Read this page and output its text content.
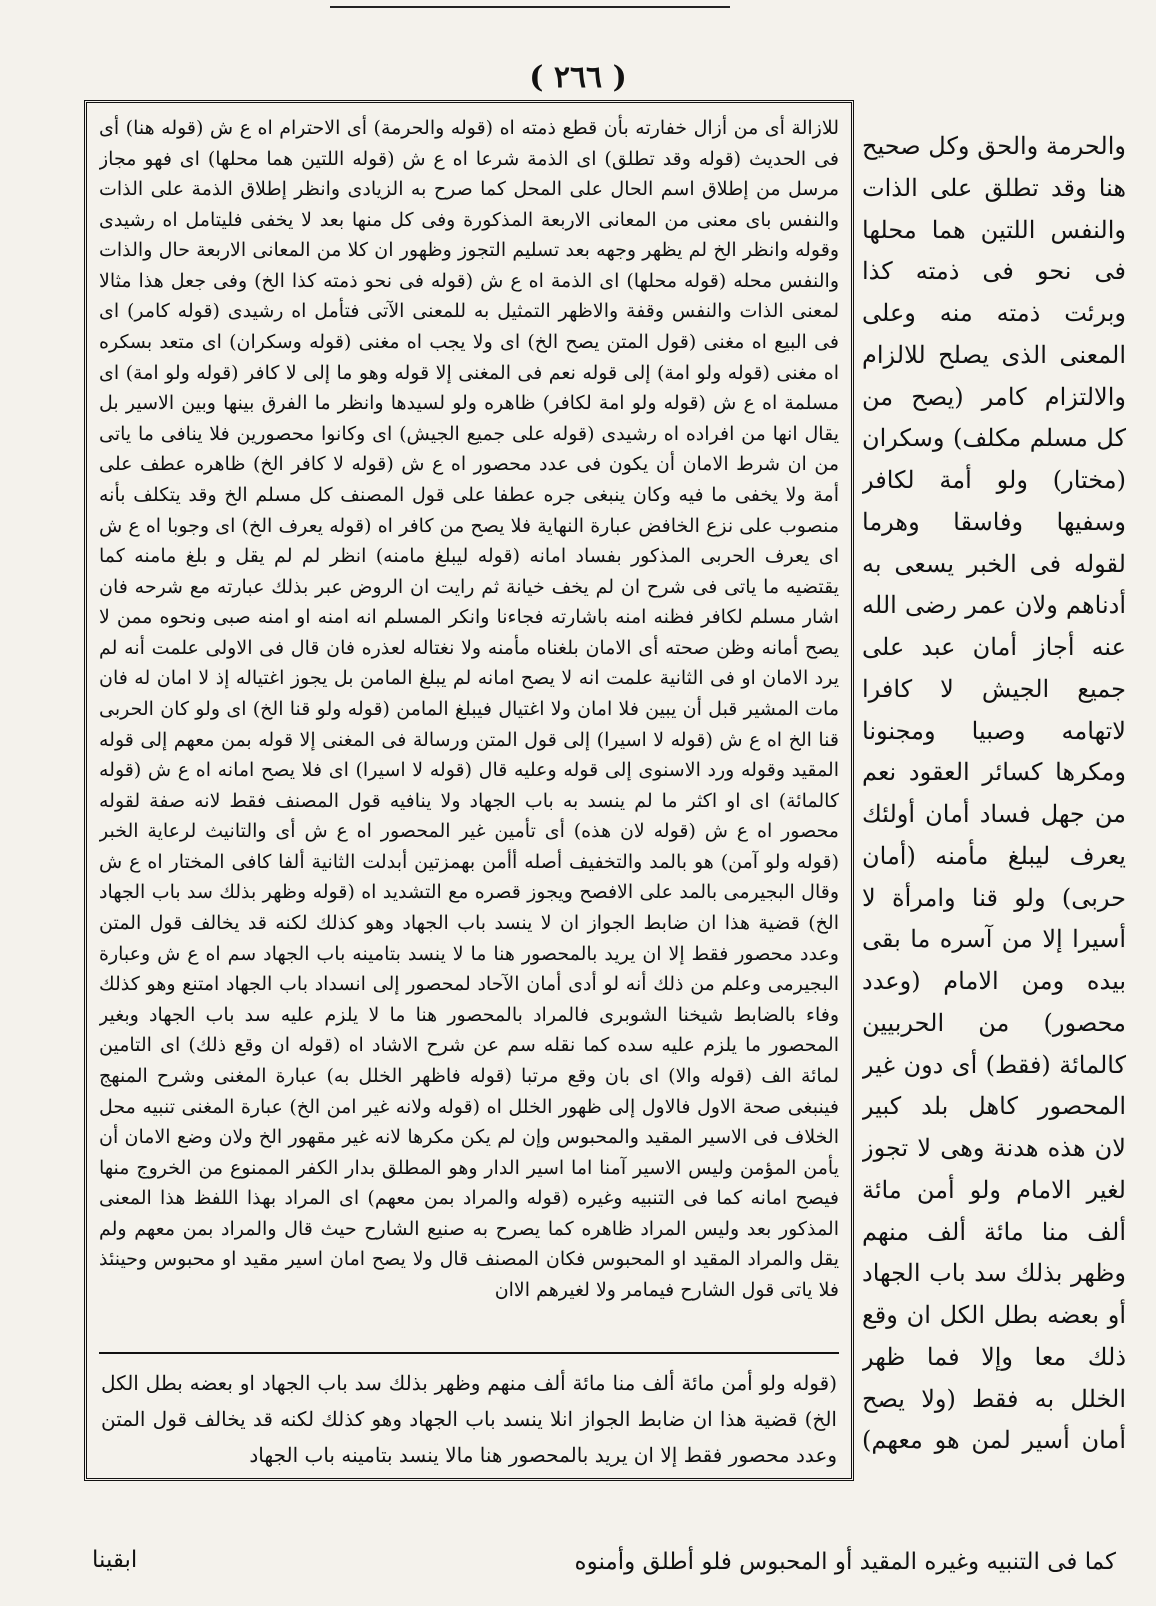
( ٢٦٦ )
للازالة أى من أزال خفارته بأن قطع ذمته اه (قوله والحرمة) أى الاحترام اه ع ش (قوله هنا) أى فى الحديث (قوله وقد تطلق) اى الذمة شرعا اه ع ش (قوله اللتين هما محلها) اى فهو مجاز مرسل من إطلاق اسم الحال على المحل كما صرح به الزيادى وانظر إطلاق الذمة على الذات والنفس باى معنى من المعانى الاربعة المذكورة وفى كل منها بعد لا يخفى فليتامل اه رشيدى وقوله وانظر الخ لم يظهر وجهه بعد تسليم التجوز وظهور ان كلا من المعانى الاربعة حال والذات والنفس محله (قوله محلها) اى الذمة اه ع ش (قوله فى نحو ذمته كذا الخ) وفى جعل هذا مثالا لمعنى الذات والنفس وقفة والاظهر التمثيل به للمعنى الآتى فتأمل اه رشيدى (قوله كامر) اى فى البيع اه مغنى (قول المتن يصح الخ) اى ولا يجب اه مغنى (قوله وسكران) اى متعد بسكره اه مغنى (قوله ولو امة) إلى قوله نعم فى المغنى إلا قوله وهو ما إلى لا كافر (قوله ولو امة) اى مسلمة اه ع ش (قوله ولو امة لكافر) ظاهره ولو لسيدها وانظر ما الفرق بينها وبين الاسير بل يقال انها من افراده اه رشيدى (قوله على جميع الجيش) اى وكانوا محصورين فلا ينافى ما ياتى من ان شرط الامان أن يكون فى عدد محصور اه ع ش (قوله لا كافر الخ) ظاهره عطف على أمة ولا يخفى ما فيه وكان ينبغى جره عطفا على قول المصنف كل مسلم الخ وقد يتكلف بأنه منصوب على نزع الخافض عبارة النهاية فلا يصح من كافر اه (قوله يعرف الخ) اى وجوبا اه ع ش اى يعرف الحربى المذكور بفساد امانه (قوله ليبلغ مامنه) انظر لم لم يقل و بلغ مامنه كما يقتضيه ما ياتى فى شرح ان لم يخف خيانة ثم رايت ان الروض عبر بذلك عبارته مع شرحه فان اشار مسلم لكافر فظنه امنه باشارته فجاءنا وانكر المسلم انه امنه او امنه صبى ونحوه ممن لا يصح أمانه وظن صحته أى الامان بلغناه مأمنه ولا نغتاله لعذره فان قال فى الاولى علمت أنه لم يرد الامان او فى الثانية علمت انه لا يصح امانه لم يبلغ المامن بل يجوز اغتياله إذ لا امان له فان مات المشير قبل أن يبين فلا امان ولا اغتيال فيبلغ المامن (قوله ولو قنا الخ) اى ولو كان الحربى قنا الخ اه ع ش (قوله لا اسيرا) إلى قول المتن ورسالة فى المغنى إلا قوله بمن معهم إلى قوله المقيد وقوله ورد الاسنوى إلى قوله وعليه قال (قوله لا اسيرا) اى فلا يصح امانه اه ع ش (قوله كالمائة) اى او اكثر ما لم ينسد به باب الجهاد ولا ينافيه قول المصنف فقط لانه صفة لقوله محصور اه ع ش (قوله لان هذه) أى تأمين غير المحصور اه ع ش أى والتانيث لرعاية الخبر (قوله ولو آمن) هو بالمد والتخفيف أصله أأمن بهمزتين أبدلت الثانية ألفا كافى المختار اه ع ش وقال البجيرمى بالمد على الافصح ويجوز قصره مع التشديد اه (قوله وظهر بذلك سد باب الجهاد الخ) قضية هذا ان ضابط الجواز ان لا ينسد باب الجهاد وهو كذلك لكنه قد يخالف قول المتن وعدد محصور فقط إلا ان يريد بالمحصور هنا ما لا ينسد بتامينه باب الجهاد سم اه ع ش وعبارة البجيرمى وعلم من ذلك أنه لو أدى أمان الآحاد لمحصور إلى انسداد باب الجهاد امتنع وهو كذلك وفاء بالضابط شيخنا الشوبرى فالمراد بالمحصور هنا ما لا يلزم عليه سد باب الجهاد وبغير المحصور ما يلزم عليه سده كما نقله سم عن شرح الاشاد اه (قوله ان وقع ذلك) اى التامين لمائة الف (قوله والا) اى بان وقع مرتبا (قوله فاظهر الخلل به) عبارة المغنى وشرح المنهج فينبغى صحة الاول فالاول إلى ظهور الخلل اه (قوله ولانه غير امن الخ) عبارة المغنى تنبيه محل الخلاف فى الاسير المقيد والمحبوس وإن لم يكن مكرها لانه غير مقهور الخ ولان وضع الامان أن يأمن المؤمن وليس الاسير آمنا اما اسير الدار وهو المطلق بدار الكفر الممنوع من الخروج منها فيصح امانه كما فى التنبيه وغيره (قوله والمراد بمن معهم) اى المراد بهذا اللفظ هذا المعنى المذكور بعد وليس المراد ظاهره كما يصرح به صنيع الشارح حيث قال والمراد بمن معهم ولم يقل والمراد المقيد او المحبوس فكان المصنف قال ولا يصح امان اسير مقيد او محبوس وحينئذ فلا ياتى قول الشارح فيمامر ولا لغيرهم الاان
(قوله ولو أمن مائة ألف منا مائة ألف منهم وظهر بذلك سد باب الجهاد او بعضه بطل الكل الخ) قضية هذا ان ضابط الجواز انلا ينسد باب الجهاد وهو كذلك لكنه قد يخالف قول المتن وعدد محصور فقط إلا ان يريد بالمحصور هنا مالا ينسد بتامينه باب الجهاد
والحرمة والحق وكل صحيح هنا وقد تطلق على الذات والنفس اللتين هما محلها فى نحو فى ذمته كذا وبرئت ذمته منه وعلى المعنى الذى يصلح للالزام والالتزام كامر (يصح من كل مسلم مكلف) وسكران (مختار) ولو أمة لكافر وسفيها وفاسقا وهرما لقوله فى الخبر يسعى به أدناهم ولان عمر رضى الله عنه أجاز أمان عبد على جميع الجيش لا كافرا لاتهامه وصبيا ومجنونا ومكرها كسائر العقود نعم من جهل فساد أمان أولئك يعرف ليبلغ مأمنه (أمان حربى) ولو قنا وامرأة لا أسيرا إلا من آسره ما بقى بيده ومن الامام (وعدد محصور) من الحربيين كالمائة (فقط) أى دون غير المحصور كاهل بلد كبير لان هذه هدنة وهى لا تجوز لغير الامام ولو أمن مائة ألف منا مائة ألف منهم وظهر بذلك سد باب الجهاد أو بعضه بطل الكل ان وقع ذلك معا وإلا فما ظهر الخلل به فقط (ولا يصح أمان أسير لمن هو معهم)
كما فى التنبيه وغيره المقيد أو المحبوس فلو أطلق وأمنوه
ابقينا
